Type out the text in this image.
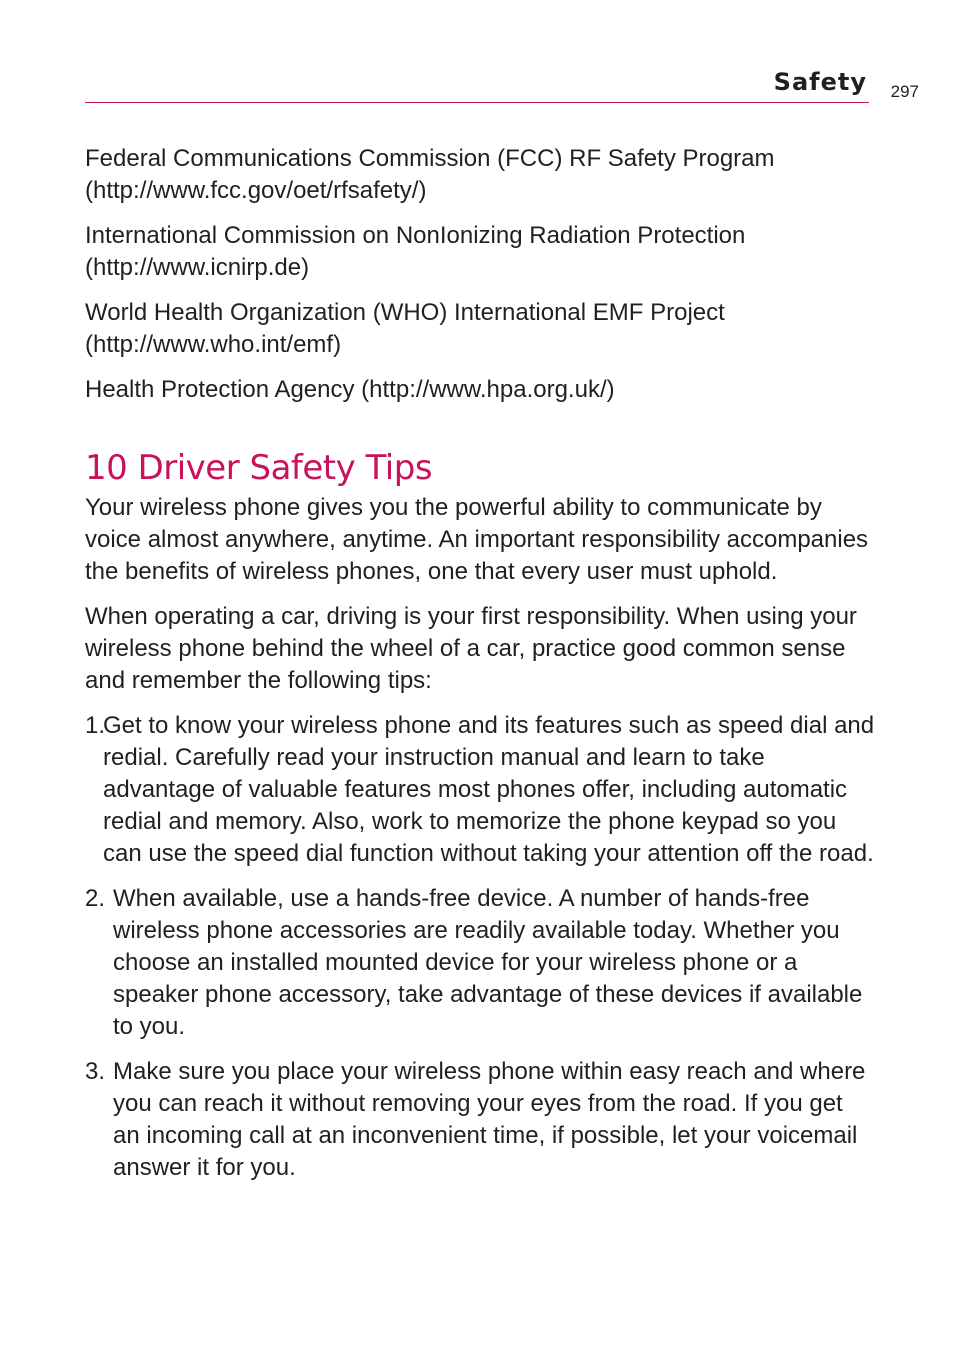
Safety 297

Federal Communications Commission (FCC) RF Safety Program
(http://www.fcc.gov/oet/rfsafety/)

International Commission on NonIonizing Radiation Protection
(http://www.icnirp.de)

World Health Organization (WHO) International EMF Project
(http://www.who.int/emf)

Health Protection Agency (http://www.hpa.org.uk/)

10 Driver Safety Tips

Your wireless phone gives you the powerful ability to communicate by voice almost anywhere, anytime. An important responsibility accompanies the benefits of wireless phones, one that every user must uphold.

When operating a car, driving is your first responsibility. When using your wireless phone behind the wheel of a car, practice good common sense and remember the following tips:

1.
Get to know your wireless phone and its features such as speed dial and redial. Carefully read your instruction manual and learn to take advantage of valuable features most phones offer, including automatic redial and memory. Also, work to memorize the phone keypad so you can use the speed dial function without taking your attention off the road.
2. When available, use a hands-free device. A number of hands-free wireless phone accessories are readily available today. Whether you choose an installed mounted device for your wireless phone or a speaker phone accessory, take advantage of these devices if available to you.
3. Make sure you place your wireless phone within easy reach and where you can reach it without removing your eyes from the road. If you get an incoming call at an inconvenient time, if possible, let your voicemail answer it for you.
